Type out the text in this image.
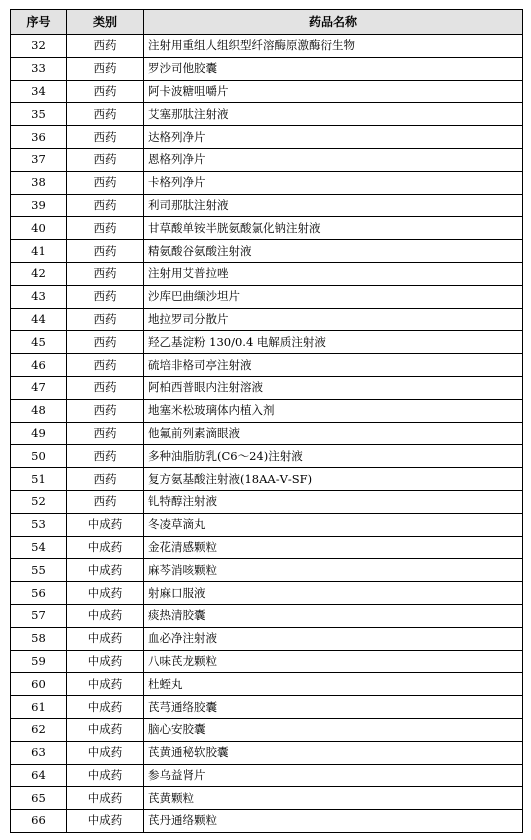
序号	类别	药品名称
32	西药	注射用重组人组织型纤溶酶原激酶衍生物
33	西药	罗沙司他胶囊
34	西药	阿卡波糖咀嚼片
35	西药	艾塞那肽注射液
36	西药	达格列净片
37	西药	恩格列净片
38	西药	卡格列净片
39	西药	利司那肽注射液
40	西药	甘草酸单铵半胱氨酸氯化钠注射液
41	西药	精氨酸谷氨酸注射液
42	西药	注射用艾普拉唑
43	西药	沙库巴曲缬沙坦片
44	西药	地拉罗司分散片
45	西药	羟乙基淀粉 130/0.4 电解质注射液
46	西药	硫培非格司亭注射液
47	西药	阿柏西普眼内注射溶液
48	西药	地塞米松玻璃体内植入剂
49	西药	他氟前列素滴眼液
50	西药	多种油脂肪乳(C6～24)注射液
51	西药	复方氨基酸注射液(18AA-Ⅴ-SF)
52	西药	钆特醇注射液
53	中成药	冬凌草滴丸
54	中成药	金花清感颗粒
55	中成药	麻芩消咳颗粒
56	中成药	射麻口服液
57	中成药	痰热清胶囊
58	中成药	血必净注射液
59	中成药	八味芪龙颗粒
60	中成药	杜蛭丸
61	中成药	芪芎通络胶囊
62	中成药	脑心安胶囊
63	中成药	芪黄通秘软胶囊
64	中成药	参乌益肾片
65	中成药	芪黄颗粒
66	中成药	芪丹通络颗粒
